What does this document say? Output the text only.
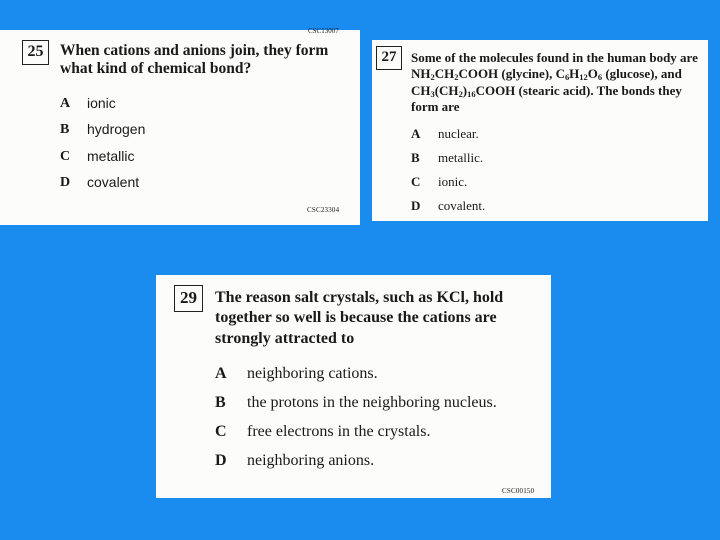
CSC13007
25	When cations and anions join, they form what kind of chemical bond?
A ionic
B hydrogen
C metallic
D covalent
CSC23304
27	Some of the molecules found in the human body are $NH_2CH_2COOH$ (glycine), $C_6H_{12}O_6$ (glucose), and $CH_3(CH_2)_{16}COOH$ (stearic acid). The bonds they form are
A nuclear.
B metallic.
C ionic.
D covalent.
29	The reason salt crystals, such as KCl, hold together so well is because the cations are strongly attracted to
A neighboring cations.
B the protons in the neighboring nucleus.
C free electrons in the crystals.
D neighboring anions.
CSC00150
